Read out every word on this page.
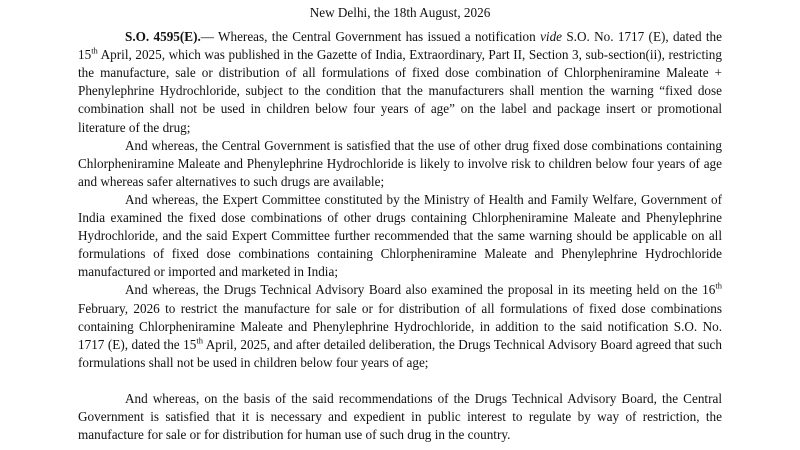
New Delhi, the 18th August, 2026

S.O. 4595(E).— Whereas, the Central Government has issued a notification vide S.O. No. 1717 (E), dated the 15th April, 2025, which was published in the Gazette of India, Extraordinary, Part II, Section 3, sub-section(ii), restricting the manufacture, sale or distribution of all formulations of fixed dose combination of Chlorpheniramine Maleate + Phenylephrine Hydrochloride, subject to the condition that the manufacturers shall mention the warning “fixed dose combination shall not be used in children below four years of age” on the label and package insert or promotional literature of the drug;

And whereas, the Central Government is satisfied that the use of other drug fixed dose combinations containing Chlorpheniramine Maleate and Phenylephrine Hydrochloride is likely to involve risk to children below four years of age and whereas safer alternatives to such drugs are available;

And whereas, the Expert Committee constituted by the Ministry of Health and Family Welfare, Government of India examined the fixed dose combinations of other drugs containing Chlorpheniramine Maleate and Phenylephrine Hydrochloride, and the said Expert Committee further recommended that the same warning should be applicable on all formulations of fixed dose combinations containing Chlorpheniramine Maleate and Phenylephrine Hydrochloride manufactured or imported and marketed in India;

And whereas, the Drugs Technical Advisory Board also examined the proposal in its meeting held on the 16th February, 2026 to restrict the manufacture for sale or for distribution of all formulations of fixed dose combinations containing Chlorpheniramine Maleate and Phenylephrine Hydrochloride, in addition to the said notification S.O. No. 1717 (E), dated the 15th April, 2025, and after detailed deliberation, the Drugs Technical Advisory Board agreed that such formulations shall not be used in children below four years of age;

And whereas, on the basis of the said recommendations of the Drugs Technical Advisory Board, the Central Government is satisfied that it is necessary and expedient in public interest to regulate by way of restriction, the manufacture for sale or for distribution for human use of such drug in the country.
